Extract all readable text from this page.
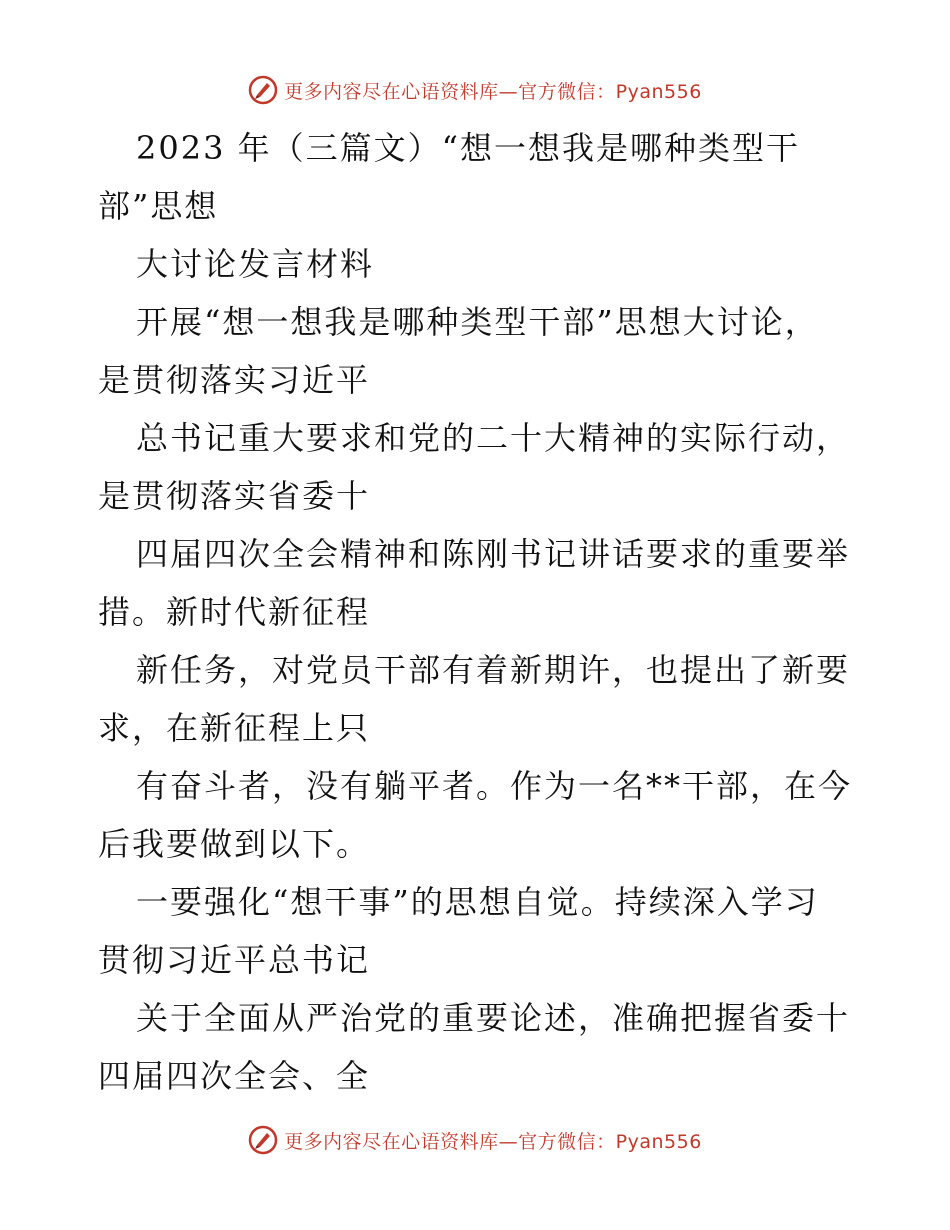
更多内容尽在心语资料库—官方微信：Pyan556
2023 年（三篇文）“想一想我是哪种类型干
部”思想
大讨论发言材料
开展“想一想我是哪种类型干部”思想大讨论，
是贯彻落实习近平
总书记重大要求和党的二十大精神的实际行动，
是贯彻落实省委十
四届四次全会精神和陈刚书记讲话要求的重要举
措。新时代新征程
新任务，对党员干部有着新期许，也提出了新要
求，在新征程上只
有奋斗者，没有躺平者。作为一名**干部，在今
后我要做到以下。
一要强化“想干事”的思想自觉。持续深入学习
贯彻习近平总书记
关于全面从严治党的重要论述，准确把握省委十
四届四次全会、全
更多内容尽在心语资料库—官方微信：Pyan556
